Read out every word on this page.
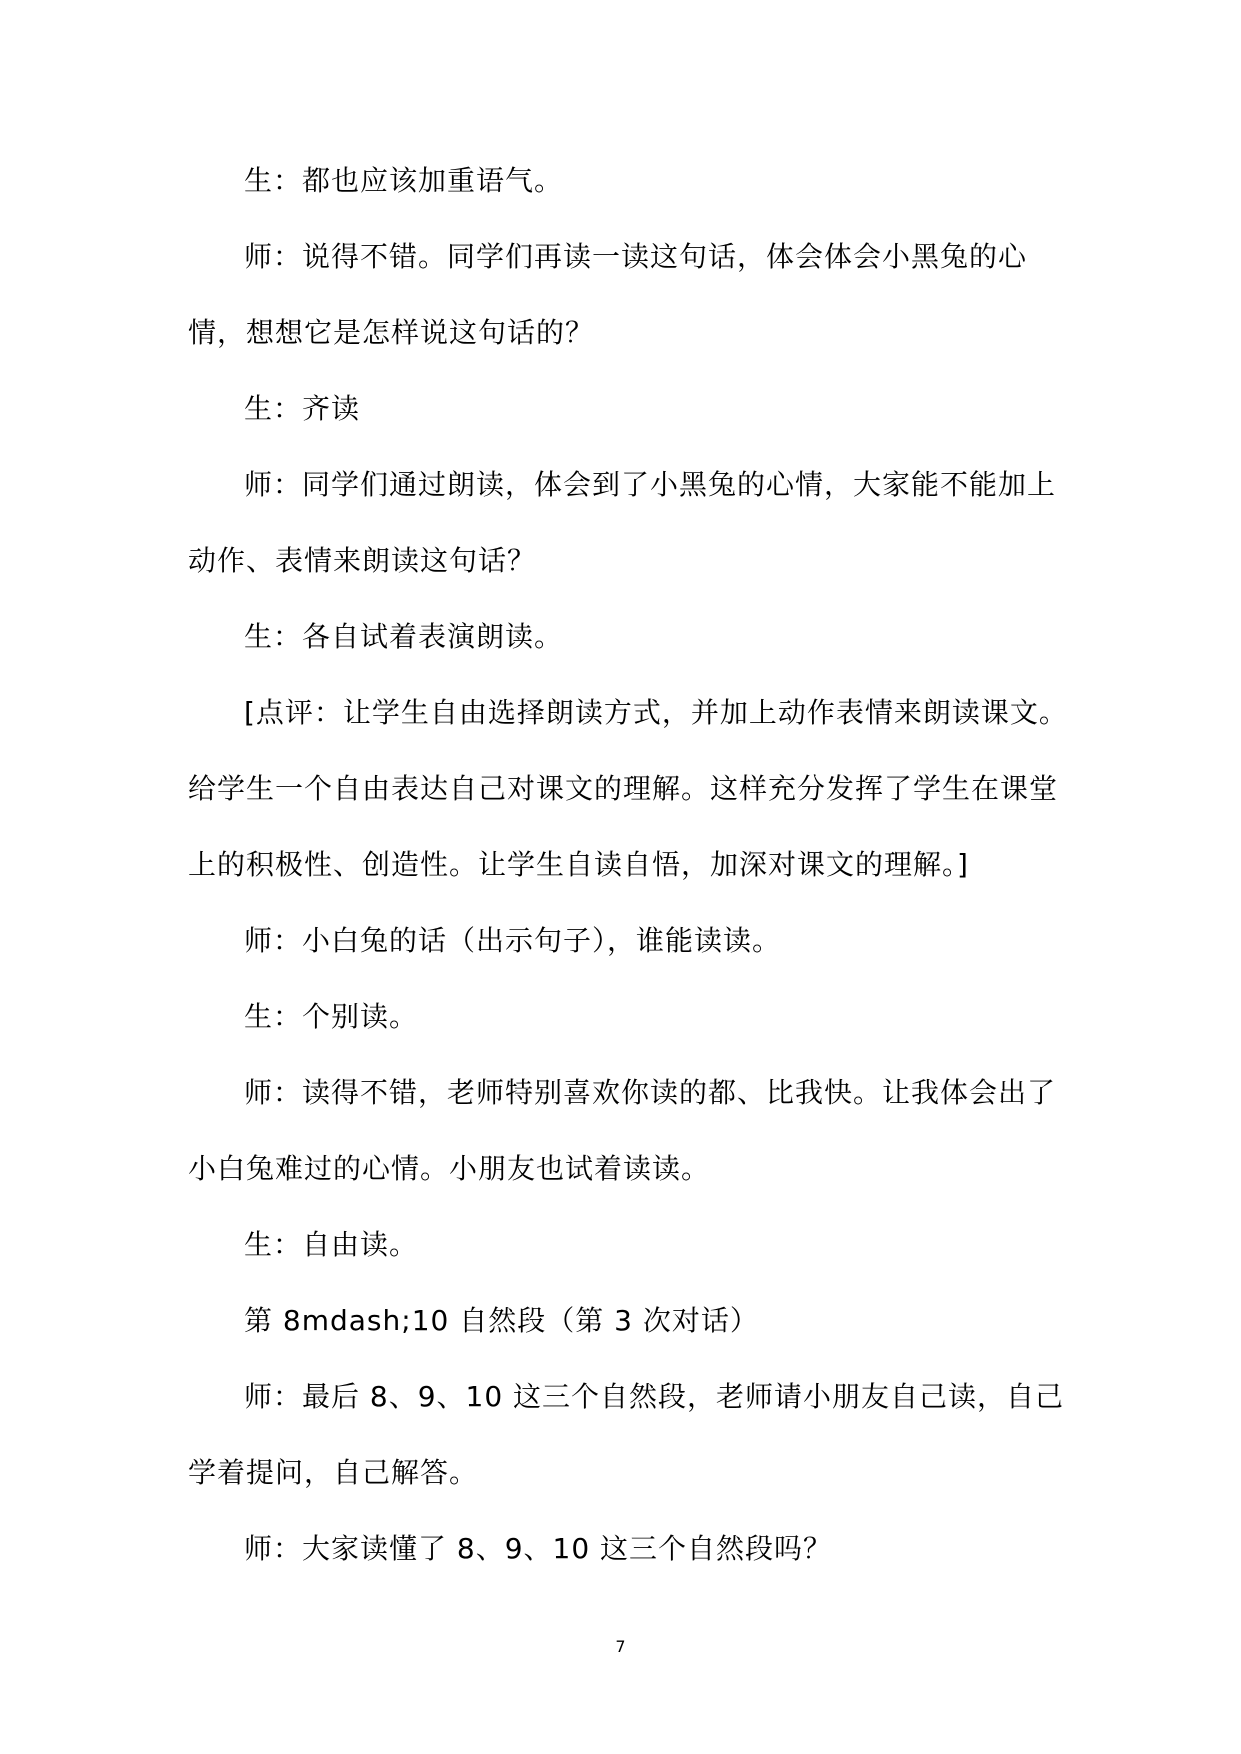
生：都也应该加重语气。

师：说得不错。同学们再读一读这句话，体会体会小黑兔的心情，想想它是怎样说这句话的？

生：齐读

师：同学们通过朗读，体会到了小黑兔的心情，大家能不能加上动作、表情来朗读这句话？

生：各自试着表演朗读。

[点评：让学生自由选择朗读方式，并加上动作表情来朗读课文。给学生一个自由表达自己对课文的理解。这样充分发挥了学生在课堂上的积极性、创造性。让学生自读自悟，加深对课文的理解。]

师：小白兔的话（出示句子），谁能读读。

生：个别读。

师：读得不错，老师特别喜欢你读的都、比我快。让我体会出了小白兔难过的心情。小朋友也试着读读。

生：自由读。

第 8mdash;10 自然段（第 3 次对话）

师：最后 8、9、10 这三个自然段，老师请小朋友自己读，自己学着提问，自己解答。

师：大家读懂了 8、9、10 这三个自然段吗？

7
